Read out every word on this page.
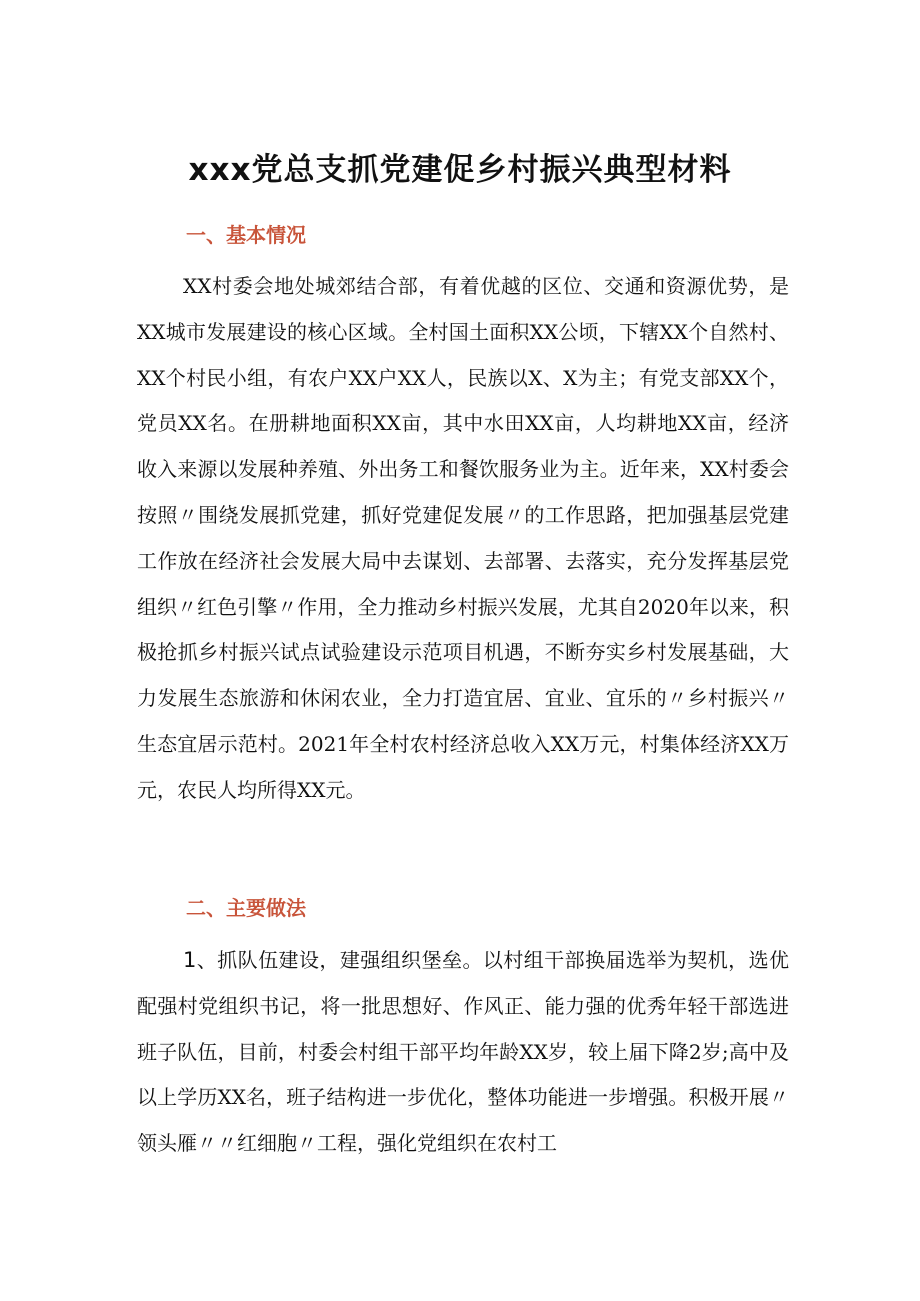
xxx党总支抓党建促乡村振兴典型材料
一、基本情况

XX村委会地处城郊结合部，有着优越的区位、交通和资源优势，是XX城市发展建设的核心区域。全村国土面积XX公顷，下辖XX个自然村、XX个村民小组，有农户XX户XX人，民族以X、X为主；有党支部XX个，党员XX名。在册耕地面积XX亩，其中水田XX亩，人均耕地XX亩，经济收入来源以发展种养殖、外出务工和餐饮服务业为主。近年来，XX村委会按照〃围绕发展抓党建，抓好党建促发展〃的工作思路，把加强基层党建工作放在经济社会发展大局中去谋划、去部署、去落实，充分发挥基层党组织〃红色引擎〃作用，全力推动乡村振兴发展，尤其自2020年以来，积极抢抓乡村振兴试点试验建设示范项目机遇，不断夯实乡村发展基础，大力发展生态旅游和休闲农业，全力打造宜居、宜业、宜乐的〃乡村振兴〃生态宜居示范村。2021年全村农村经济总收入XX万元，村集体经济XX万元，农民人均所得XX元。

二、主要做法

1、抓队伍建设，建强组织堡垒。以村组干部换届选举为契机，选优配强村党组织书记，将一批思想好、作风正、能力强的优秀年轻干部选进班子队伍，目前，村委会村组干部平均年龄XX岁，较上届下降2岁;高中及以上学历XX名，班子结构进一步优化，整体功能进一步增强。积极开展〃领头雁〃〃红细胞〃工程，强化党组织在农村工
